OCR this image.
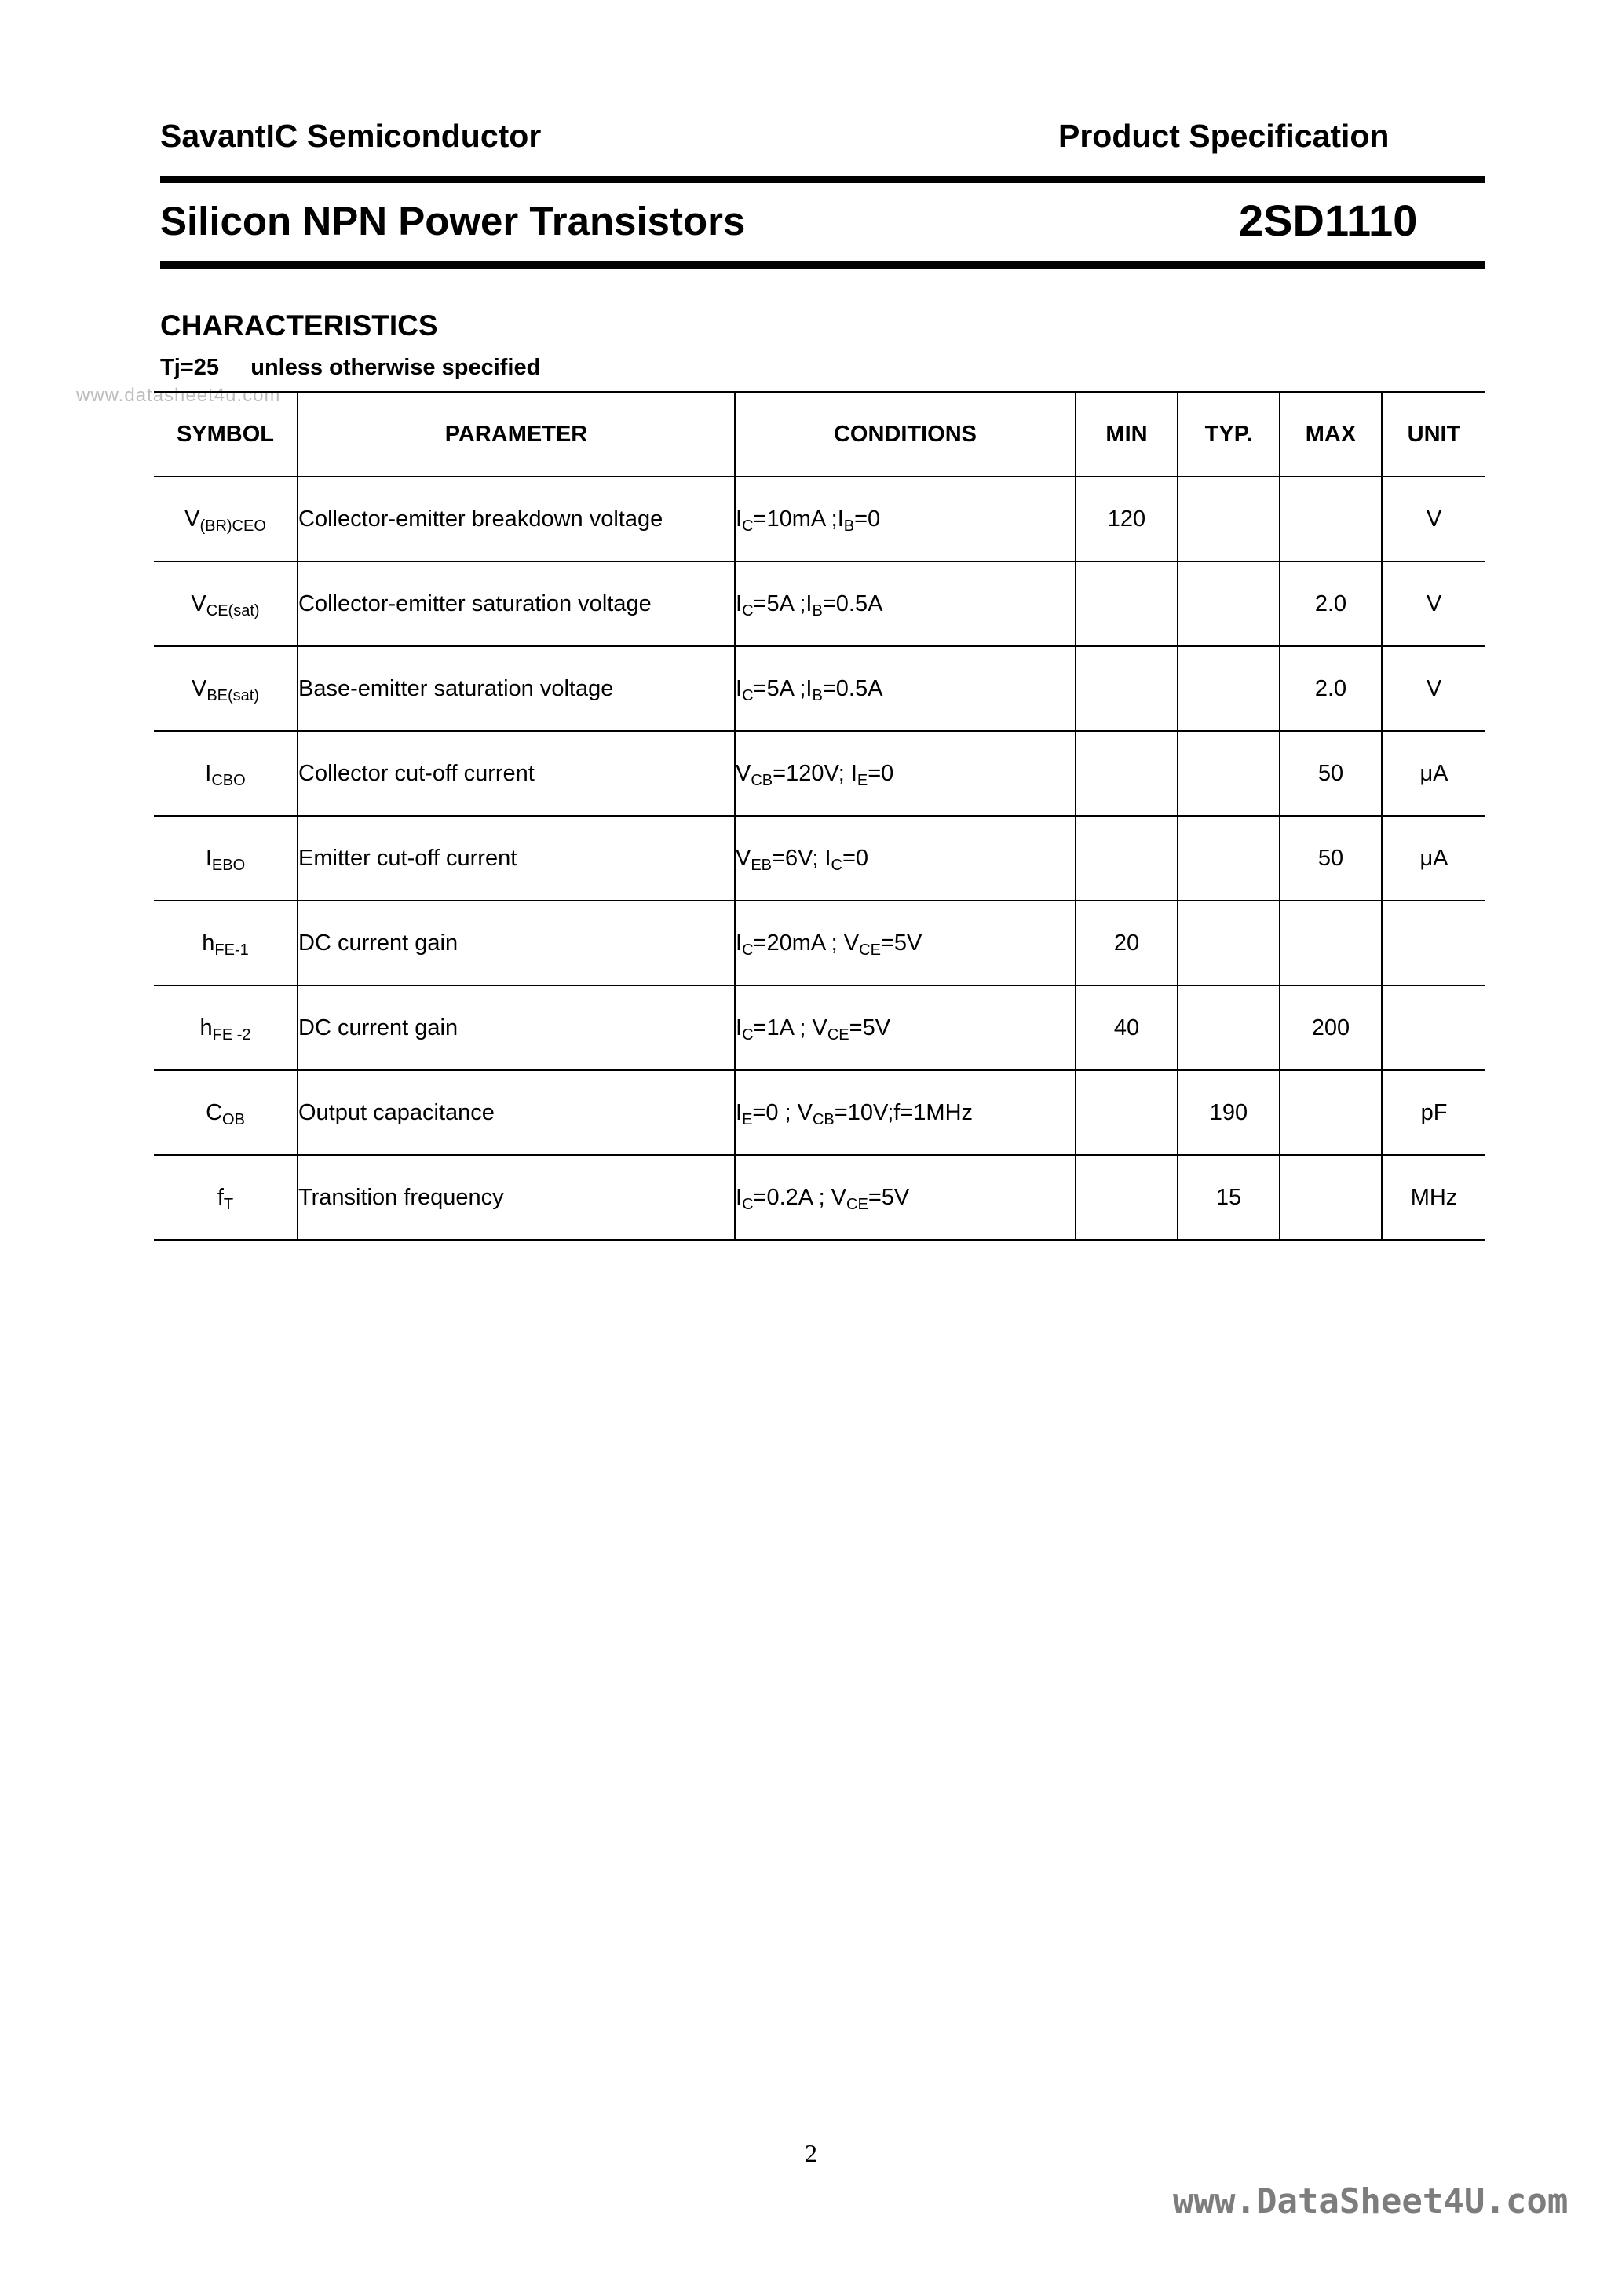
SavantIC Semiconductor	Product Specification
Silicon NPN Power Transistors	2SD1110
CHARACTERISTICS
Tj=25     unless otherwise specified
www.datasheet4u.com
SYMBOL	PARAMETER	CONDITIONS	MIN	TYP.	MAX	UNIT
$V_{(BR)CEO}$	Collector-emitter breakdown voltage	$I_C=10mA$ $;I_B=0$	120			V
$V_{CE(sat)}$	Collector-emitter saturation voltage	$I_C=5A$ $;I_B=0.5A$			2.0	V
$V_{BE(sat)}$	Base-emitter saturation voltage	$I_C=5A$ $;I_B=0.5A$			2.0	V
$I_{CBO}$	Collector cut-off current	$V_{CB}=120V$; $I_E=0$			50	μA
$I_{EBO}$	Emitter cut-off current	$V_{EB}=6V$; $I_C=0$			50	μA
$h_{FE-1}$	DC current gain	$I_C=20mA$ ; $V_{CE}=5V$	20			
$h_{FE -2}$	DC current gain	$I_C=1A$ ; $V_{CE}=5V$	40		200	
$C_{OB}$	Output capacitance	$I_E=0$ ; $V_{CB}=10V;f=1MHz$		190		pF
$f_T$	Transition frequency	$I_C=0.2A$ ; $V_{CE}=5V$		15		MHz
2
www.DataSheet4U.com
